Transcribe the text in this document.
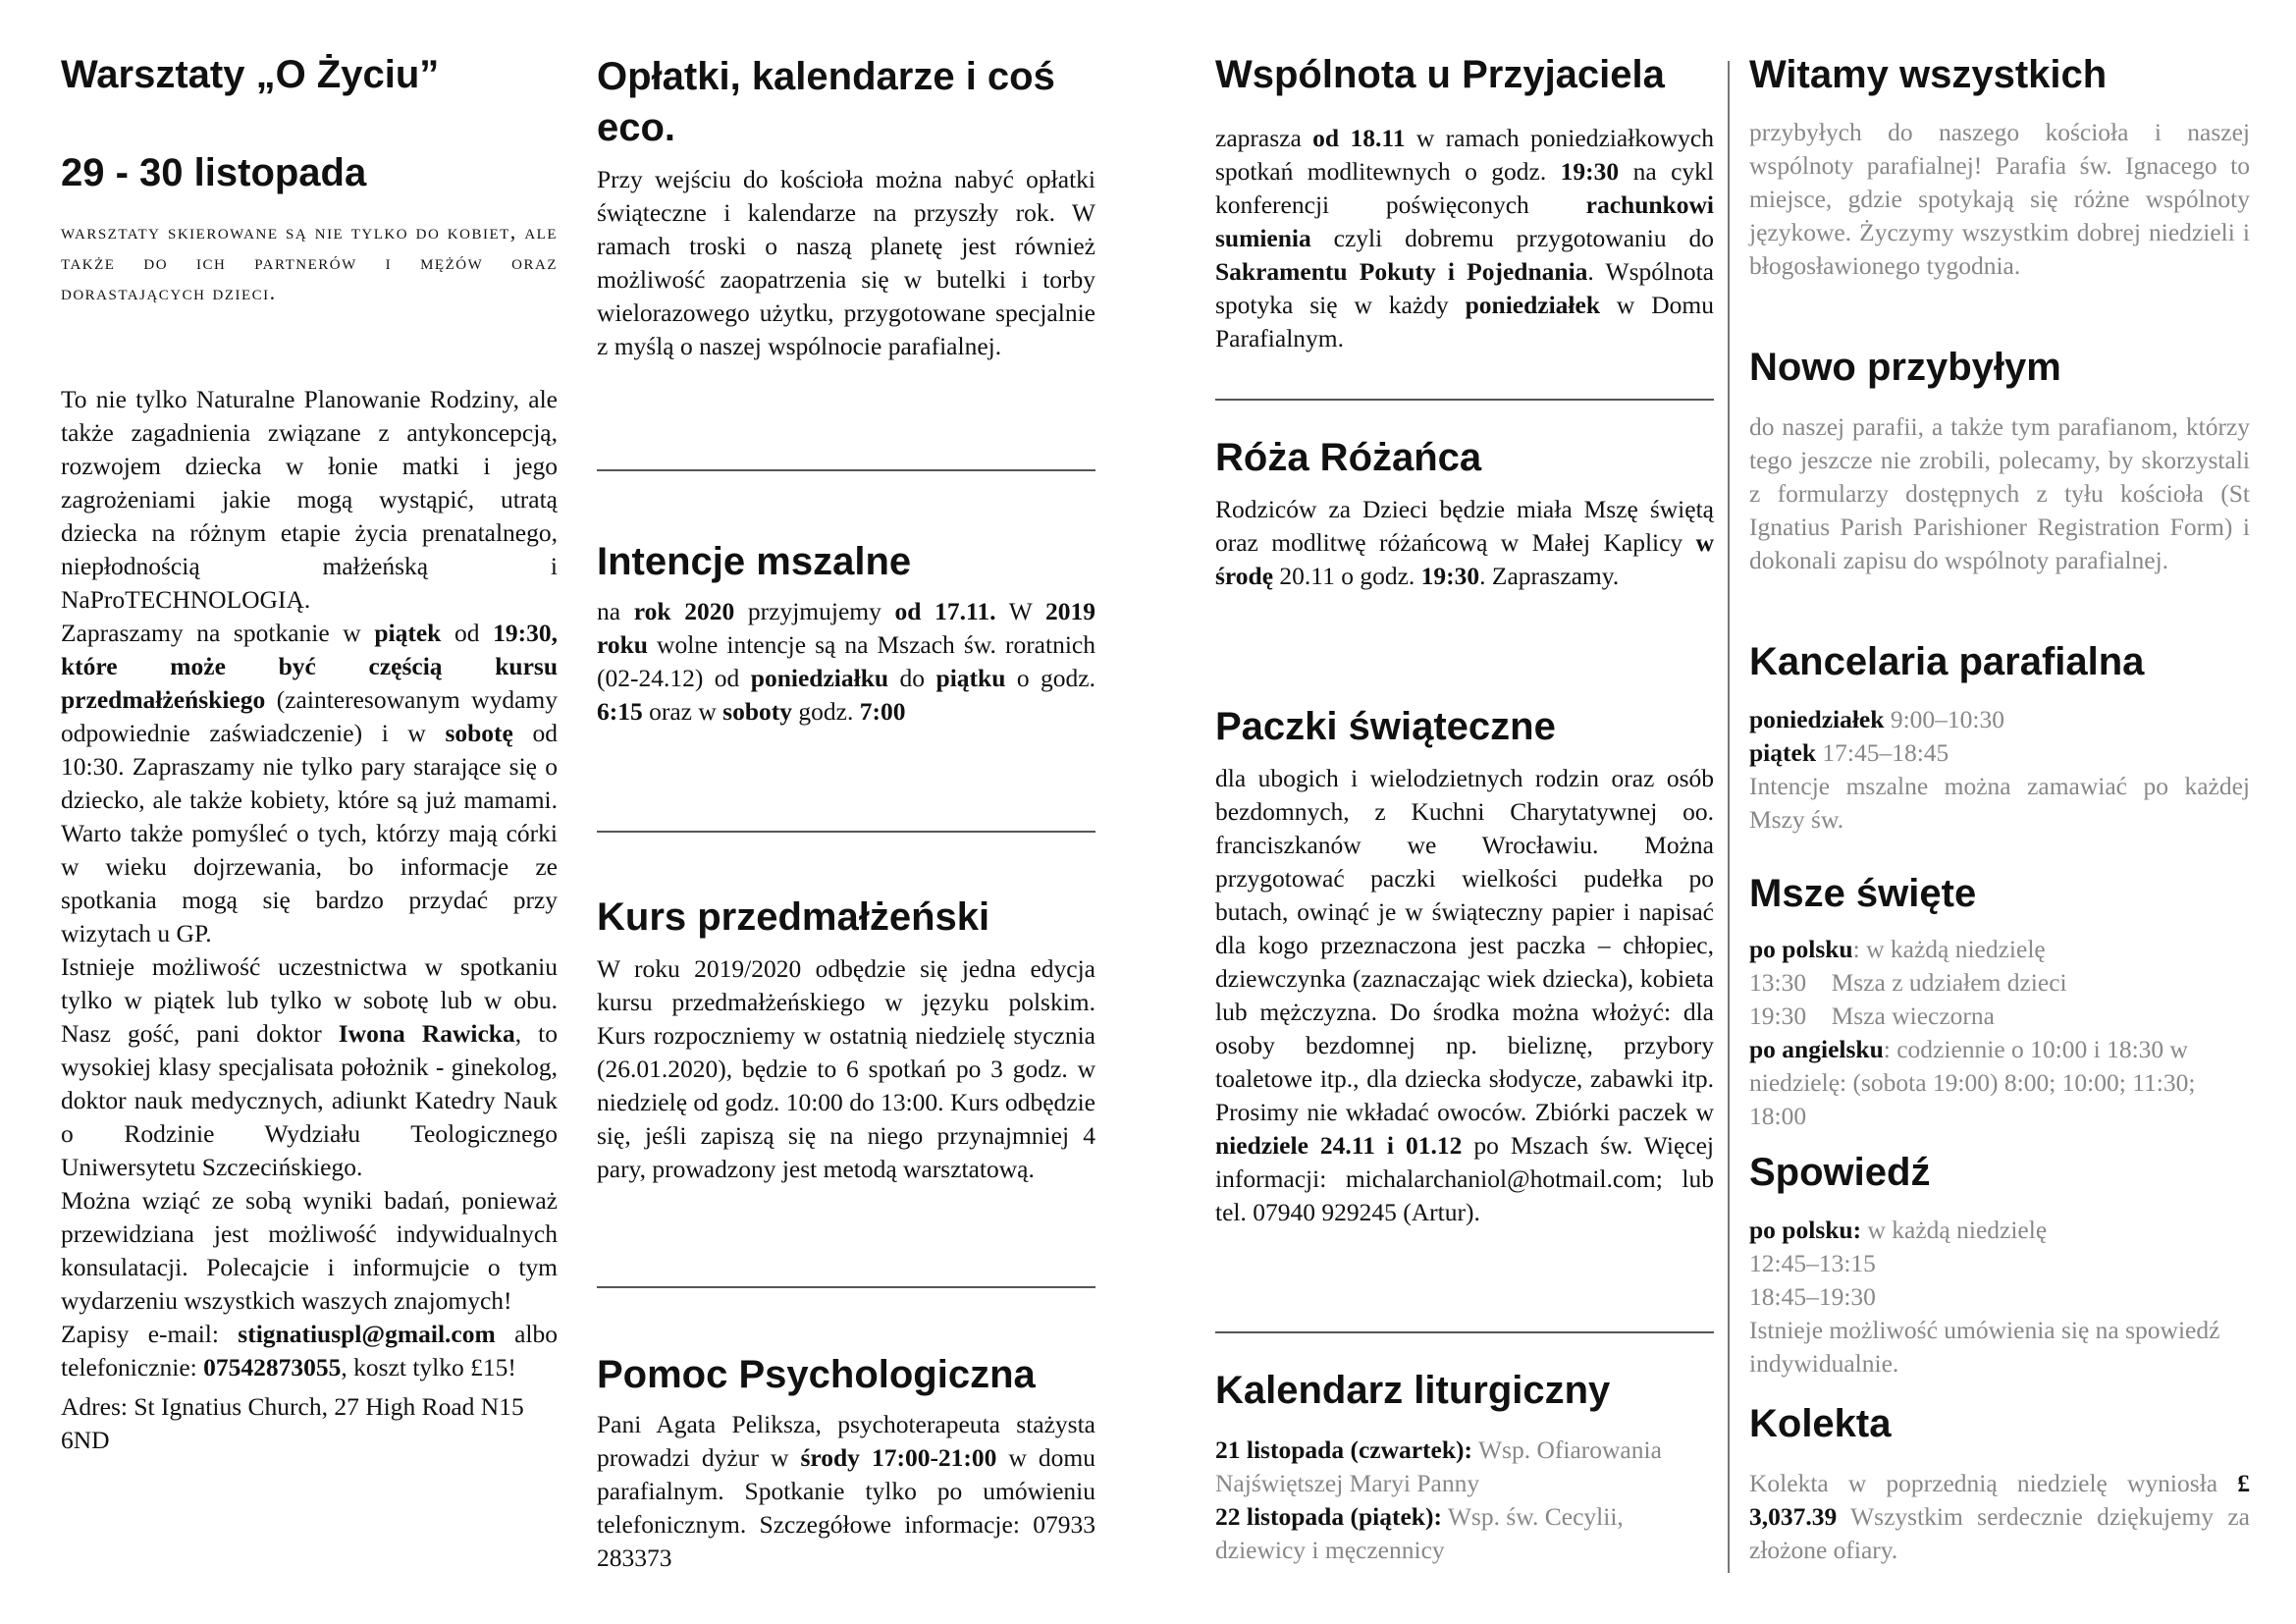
Warsztaty „O Życiu”
29 - 30 listopada

warsztaty skierowane są nie tylko do kobiet, ale także do ich partnerów i mężów oraz dorastających dzieci.

To nie tylko Naturalne Planowanie Rodziny, ale także zagadnienia związane z antykoncepcją, rozwojem dziecka w łonie matki i jego zagrożeniami jakie mogą wystąpić, utratą dziecka na różnym etapie życia prenatalnego, niepłodnością małżeńską i NaProTECHNOLOGIĄ.

Zapraszamy na spotkanie w piątek od 19:30, które może być częścią kursu przedmałżeńskiego (zainteresowanym wydamy odpowiednie zaświadczenie) i w sobotę od 10:30. Zapraszamy nie tylko pary starające się o dziecko, ale także kobiety, które są już mamami. Warto także pomyśleć o tych, którzy mają córki w wieku dojrzewania, bo informacje ze spotkania mogą się bardzo przydać przy wizytach u GP.

Istnieje możliwość uczestnictwa w spotkaniu tylko w piątek lub tylko w sobotę lub w obu. Nasz gość, pani doktor Iwona Rawicka, to wysokiej klasy specjalisata położnik - ginekolog, doktor nauk medycznych, adiunkt Katedry Nauk o Rodzinie Wydziału Teologicznego Uniwersytetu Szczecińskiego.

Można wziąć ze sobą wyniki badań, ponieważ przewidziana jest możliwość indywidualnych konsulatacji. Polecajcie i informujcie o tym wydarzeniu wszystkich waszych znajomych!

Zapisy e-mail: stignatiuspl@gmail.com albo telefonicznie: 07542873055, koszt tylko £15!

Adres: St Ignatius Church, 27 High Road N15 6ND

Opłatki, kalendarze i coś eco.

Przy wejściu do kościoła można nabyć opłatki świąteczne i kalendarze na przyszły rok. W ramach troski o naszą planetę jest również możliwość zaopatrzenia się w butelki i torby wielorazowego użytku, przygotowane specjalnie z myślą o naszej wspólnocie parafialnej.

Intencje mszalne

na rok 2020 przyjmujemy od 17.11. W 2019 roku wolne intencje są na Mszach św. roratnich (02-24.12) od poniedziałku do piątku o godz. 6:15 oraz w soboty godz. 7:00

Kurs przedmałżeński

W roku 2019/2020 odbędzie się jedna edycja kursu przedmałżeńskiego w języku polskim. Kurs rozpoczniemy w ostatnią niedzielę stycznia (26.01.2020), będzie to 6 spotkań po 3 godz. w niedzielę od godz. 10:00 do 13:00. Kurs odbędzie się, jeśli zapiszą się na niego przynajmniej 4 pary, prowadzony jest metodą warsztatową.

Pomoc Psychologiczna

Pani Agata Peliksza, psychoterapeuta stażysta prowadzi dyżur w środy 17:00-21:00 w domu parafialnym. Spotkanie tylko po umówieniu telefonicznym. Szczegółowe informacje: 07933 283373

Wspólnota u Przyjaciela

zaprasza od 18.11 w ramach poniedziałkowych spotkań modlitewnych o godz. 19:30 na cykl konferencji poświęconych rachunkowi sumienia czyli dobremu przygotowaniu do Sakramentu Pokuty i Pojednania. Wspólnota spotyka się w każdy poniedziałek w Domu Parafialnym.

Róża Różańca

Rodziców za Dzieci będzie miała Mszę świętą oraz modlitwę różańcową w Małej Kaplicy w środę 20.11 o godz. 19:30. Zapraszamy.

Paczki świąteczne

dla ubogich i wielodzietnych rodzin oraz osób bezdomnych, z Kuchni Charytatywnej oo. franciszkanów we Wrocławiu. Można przygotować paczki wielkości pudełka po butach, owinąć je w świąteczny papier i napisać dla kogo przeznaczona jest paczka – chłopiec, dziewczynka (zaznaczając wiek dziecka), kobieta lub mężczyzna. Do środka można włożyć: dla osoby bezdomnej np. bieliznę, przybory toaletowe itp., dla dziecka słodycze, zabawki itp. Prosimy nie wkładać owoców. Zbiórki paczek w niedziele 24.11 i 01.12 po Mszach św. Więcej informacji: michalarchaniol@hotmail.com; lub tel. 07940 929245 (Artur).

Kalendarz liturgiczny

21 listopada (czwartek): Wsp. Ofiarowania Najświętszej Maryi Panny

22 listopada (piątek): Wsp. św. Cecylii, dziewicy i męczennicy

Witamy wszystkich

przybyłych do naszego kościoła i naszej wspólnoty parafialnej! Parafia św. Ignacego to miejsce, gdzie spotykają się różne wspólnoty językowe. Życzymy wszystkim dobrej niedzieli i błogosławionego tygodnia.

Nowo przybyłym

do naszej parafii, a także tym parafianom, którzy tego jeszcze nie zrobili, polecamy, by skorzystali z formularzy dostępnych z tyłu kościoła (St Ignatius Parish Parishioner Registration Form) i dokonali zapisu do wspólnoty parafialnej.

Kancelaria parafialna

poniedziałek 9:00–10:30

piątek 17:45–18:45

Intencje mszalne można zamawiać po każdej Mszy św.

Msze święte

po polsku: w każdą niedzielę

13:30    Msza z udziałem dzieci

19:30    Msza wieczorna

po angielsku: codziennie o 10:00 i 18:30 w niedzielę: (sobota 19:00) 8:00; 10:00; 11:30; 18:00

Spowiedź

po polsku: w każdą niedzielę

12:45–13:15

18:45–19:30

Istnieje możliwość umówienia się na spowiedź indywidualnie.

Kolekta

Kolekta w poprzednią niedzielę wyniosła £ 3,037.39 Wszystkim serdecznie dziękujemy za złożone ofiary.
